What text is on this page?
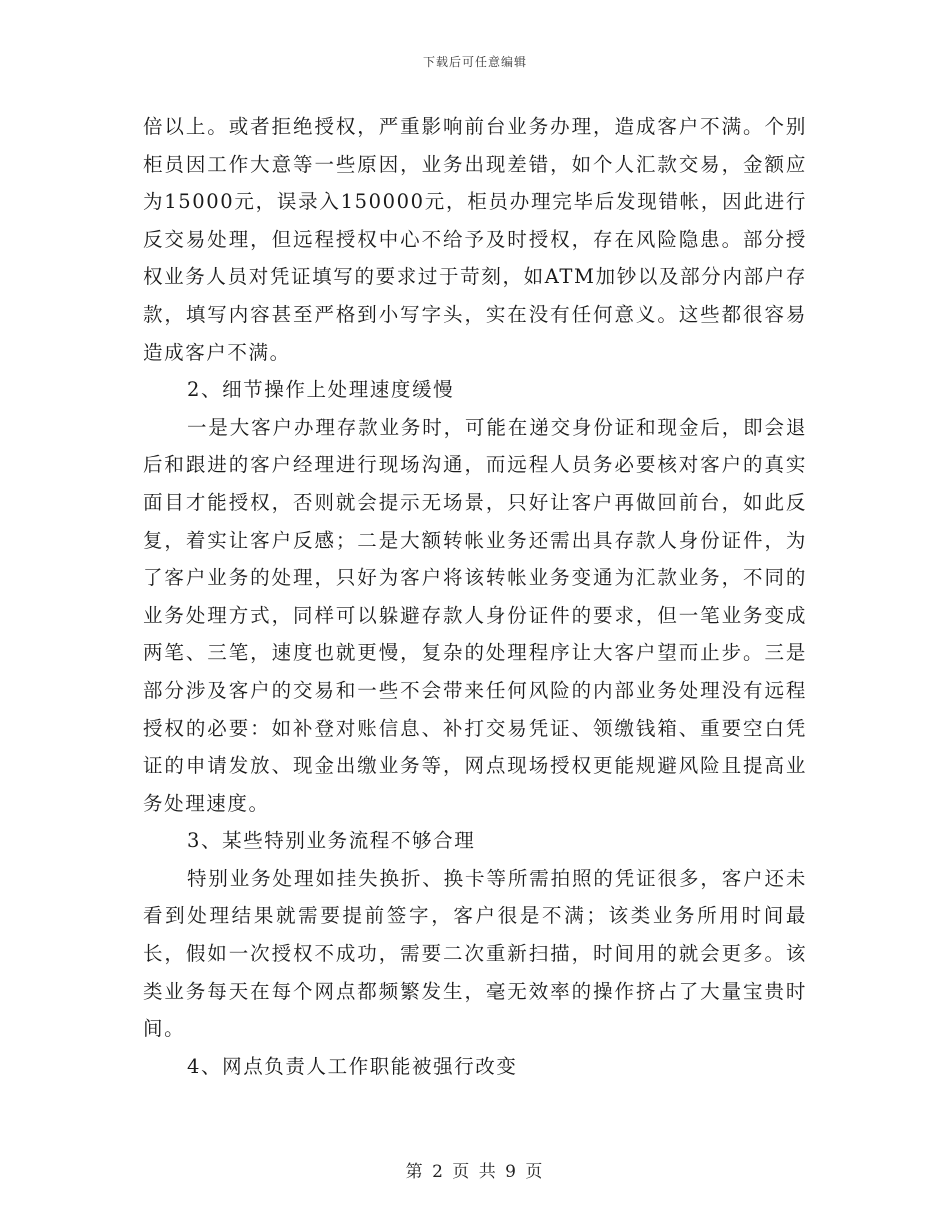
下载后可任意编辑

倍以上。或者拒绝授权，严重影响前台业务办理，造成客户不满。个别柜员因工作大意等一些原因，业务出现差错，如个人汇款交易，金额应为15000元，误录入150000元，柜员办理完毕后发现错帐，因此进行反交易处理，但远程授权中心不给予及时授权，存在风险隐患。部分授权业务人员对凭证填写的要求过于苛刻，如ATM加钞以及部分内部户存款，填写内容甚至严格到小写字头，实在没有任何意义。这些都很容易造成客户不满。

2、细节操作上处理速度缓慢

一是大客户办理存款业务时，可能在递交身份证和现金后，即会退后和跟进的客户经理进行现场沟通，而远程人员务必要核对客户的真实面目才能授权，否则就会提示无场景，只好让客户再做回前台，如此反复，着实让客户反感；二是大额转帐业务还需出具存款人身份证件，为了客户业务的处理，只好为客户将该转帐业务变通为汇款业务，不同的业务处理方式，同样可以躲避存款人身份证件的要求，但一笔业务变成两笔、三笔，速度也就更慢，复杂的处理程序让大客户望而止步。三是部分涉及客户的交易和一些不会带来任何风险的内部业务处理没有远程授权的必要：如补登对账信息、补打交易凭证、领缴钱箱、重要空白凭证的申请发放、现金出缴业务等，网点现场授权更能规避风险且提高业务处理速度。

3、某些特别业务流程不够合理

特别业务处理如挂失换折、换卡等所需拍照的凭证很多，客户还未看到处理结果就需要提前签字，客户很是不满；该类业务所用时间最长，假如一次授权不成功，需要二次重新扫描，时间用的就会更多。该类业务每天在每个网点都频繁发生，毫无效率的操作挤占了大量宝贵时间。

4、网点负责人工作职能被强行改变

第 2 页 共 9 页
